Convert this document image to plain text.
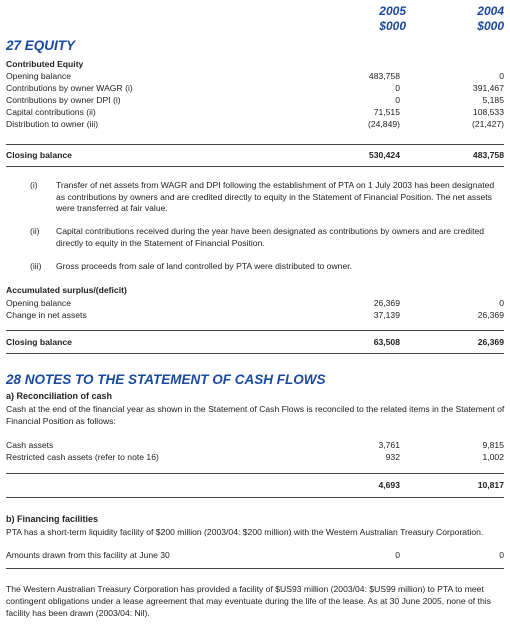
2005
$000
2004
$000
27 EQUITY
Contributed Equity
Opening balance	483,758	0
Contributions by owner WAGR (i)	0	391,467
Contributions by owner DPI (i)	0	5,185
Capital contributions (ii)	71,515	108,533
Distribution to owner (iii)	(24,849)	(21,427)
Closing balance	530,424	483,758
(i) Transfer of net assets from WAGR and DPI following the establishment of PTA on 1 July 2003 has been designated as contributions by owners and are credited directly to equity in the Statement of Financial Position. The net assets were transferred at fair value.
(ii) Capital contributions received during the year have been designated as contributions by owners and are credited directly to equity in the Statement of Financial Position.
(iii) Gross proceeds from sale of land controlled by PTA were distributed to owner.
Accumulated surplus/(deficit)
Opening balance	26,369	0
Change in net assets	37,139	26,369
Closing balance	63,508	26,369
28 NOTES TO THE STATEMENT OF CASH FLOWS
a) Reconciliation of cash
Cash at the end of the financial year as shown in the Statement of Cash Flows is reconciled to the related items in the Statement of Financial Position as follows:
Cash assets	3,761	9,815
Restricted cash assets (refer to note 16)	932	1,002
4,693	10,817
b) Financing facilities
PTA has a short-term liquidity facility of $200 million (2003/04: $200 million) with the Western Australian Treasury Corporation.
Amounts drawn from this facility at June 30	0	0
The Western Australian Treasury Corporation has provided a facility of $US93 million (2003/04: $US99 million) to PTA to meet contingent obligations under a lease agreement that may eventuate during the life of the lease. As at 30 June 2005, none of this facility has been drawn (2003/04: Nil).
